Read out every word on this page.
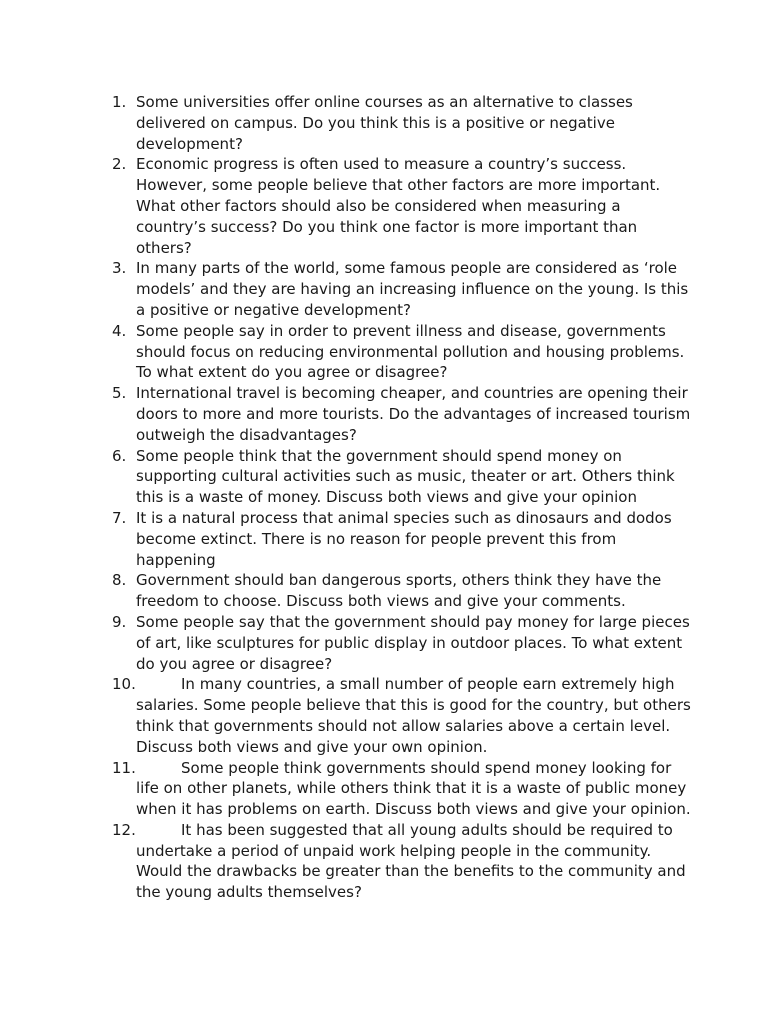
1. Some universities offer online courses as an alternative to classes delivered on campus. Do you think this is a positive or negative development?
2. Economic progress is often used to measure a country’s success. However, some people believe that other factors are more important. What other factors should also be considered when measuring a country’s success? Do you think one factor is more important than others?
3. In many parts of the world, some famous people are considered as ‘role models’ and they are having an increasing influence on the young. Is this a positive or negative development?
4. Some people say in order to prevent illness and disease, governments should focus on reducing environmental pollution and housing problems. To what extent do you agree or disagree?
5. International travel is becoming cheaper, and countries are opening their doors to more and more tourists. Do the advantages of increased tourism outweigh the disadvantages?
6. Some people think that the government should spend money on supporting cultural activities such as music, theater or art. Others think this is a waste of money. Discuss both views and give your opinion
7. It is a natural process that animal species such as dinosaurs and dodos become extinct. There is no reason for people prevent this from happening
8. Government should ban dangerous sports, others think they have the freedom to choose. Discuss both views and give your comments.
9. Some people say that the government should pay money for large pieces of art, like sculptures for public display in outdoor places. To what extent do you agree or disagree?
10.	In many countries, a small number of people earn extremely high salaries. Some people believe that this is good for the country, but others think that governments should not allow salaries above a certain level. Discuss both views and give your own opinion.
11.	Some people think governments should spend money looking for life on other planets, while others think that it is a waste of public money when it has problems on earth. Discuss both views and give your opinion.
12.	It has been suggested that all young adults should be required to undertake a period of unpaid work helping people in the community. Would the drawbacks be greater than the benefits to the community and the young adults themselves?
